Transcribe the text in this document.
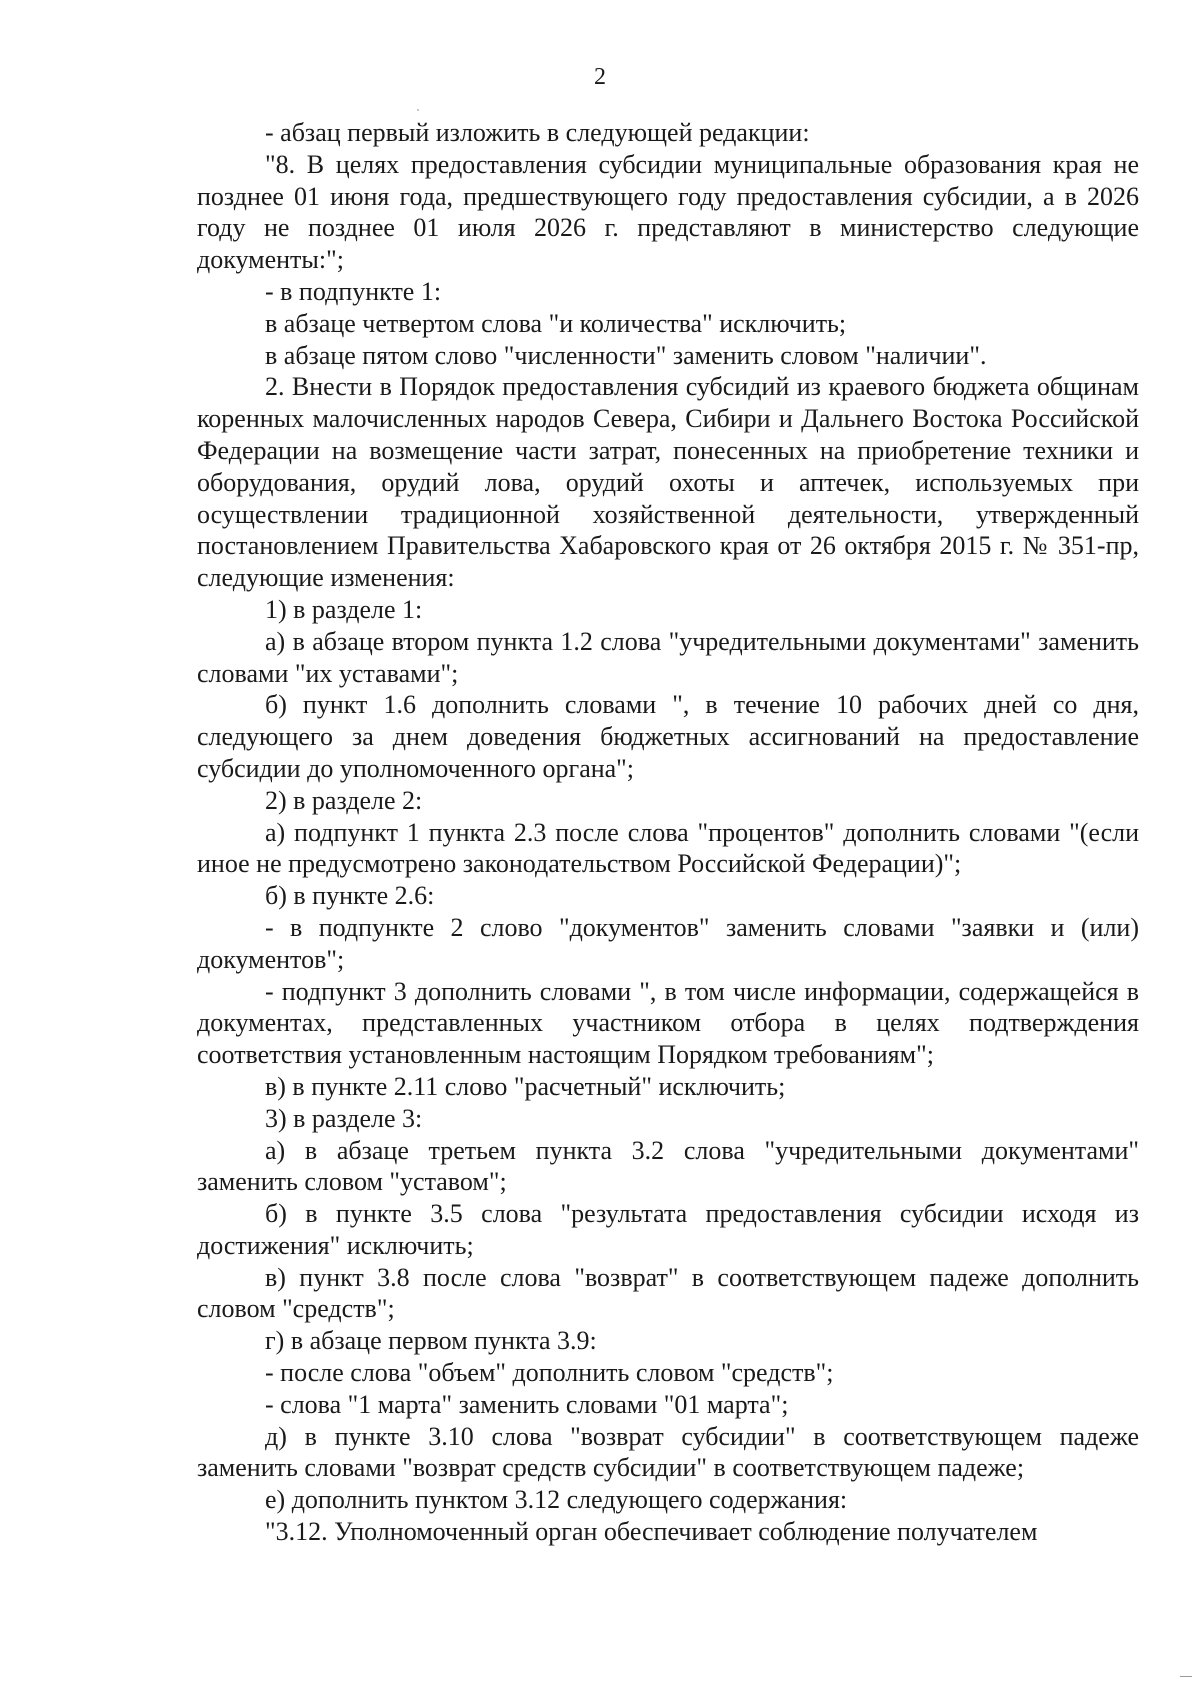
2

- абзац первый изложить в следующей редакции:

"8. В целях предоставления субсидии муниципальные образования края не позднее 01 июня года, предшествующего году предоставления субсидии, а в 2026 году не позднее 01 июля 2026 г. представляют в министерство следующие документы:";

- в подпункте 1:

в абзаце четвертом слова "и количества" исключить;

в абзаце пятом слово "численности" заменить словом "наличии".

2. Внести в Порядок предоставления субсидий из краевого бюджета общинам коренных малочисленных народов Севера, Сибири и Дальнего Востока Российской Федерации на возмещение части затрат, понесенных на приобретение техники и оборудования, орудий лова, орудий охоты и аптечек, используемых при осуществлении традиционной хозяйственной деятельности, утвержденный постановлением Правительства Хабаровского края от 26 октября 2015 г. № 351-пр, следующие изменения:

1) в разделе 1:

а) в абзаце втором пункта 1.2 слова "учредительными документами" заменить словами "их уставами";

б) пункт 1.6 дополнить словами ", в течение 10 рабочих дней со дня, следующего за днем доведения бюджетных ассигнований на предоставление субсидии до уполномоченного органа";

2) в разделе 2:

а) подпункт 1 пункта 2.3 после слова "процентов" дополнить словами "(если иное не предусмотрено законодательством Российской Федерации)";

б) в пункте 2.6:

- в подпункте 2 слово "документов" заменить словами "заявки и (или) документов";

- подпункт 3 дополнить словами ", в том числе информации, содержащейся в документах, представленных участником отбора в целях подтверждения соответствия установленным настоящим Порядком требованиям";

в) в пункте 2.11 слово "расчетный" исключить;

3) в разделе 3:

а) в абзаце третьем пункта 3.2 слова "учредительными документами" заменить словом "уставом";

б) в пункте 3.5 слова "результата предоставления субсидии исходя из достижения" исключить;

в) пункт 3.8 после слова "возврат" в соответствующем падеже дополнить словом "средств";

г) в абзаце первом пункта 3.9:

- после слова "объем" дополнить словом "средств";

- слова "1 марта" заменить словами "01 марта";

д) в пункте 3.10 слова "возврат субсидии" в соответствующем падеже заменить словами "возврат средств субсидии" в соответствующем падеже;

е) дополнить пунктом 3.12 следующего содержания:

"3.12. Уполномоченный орган обеспечивает соблюдение получателем
